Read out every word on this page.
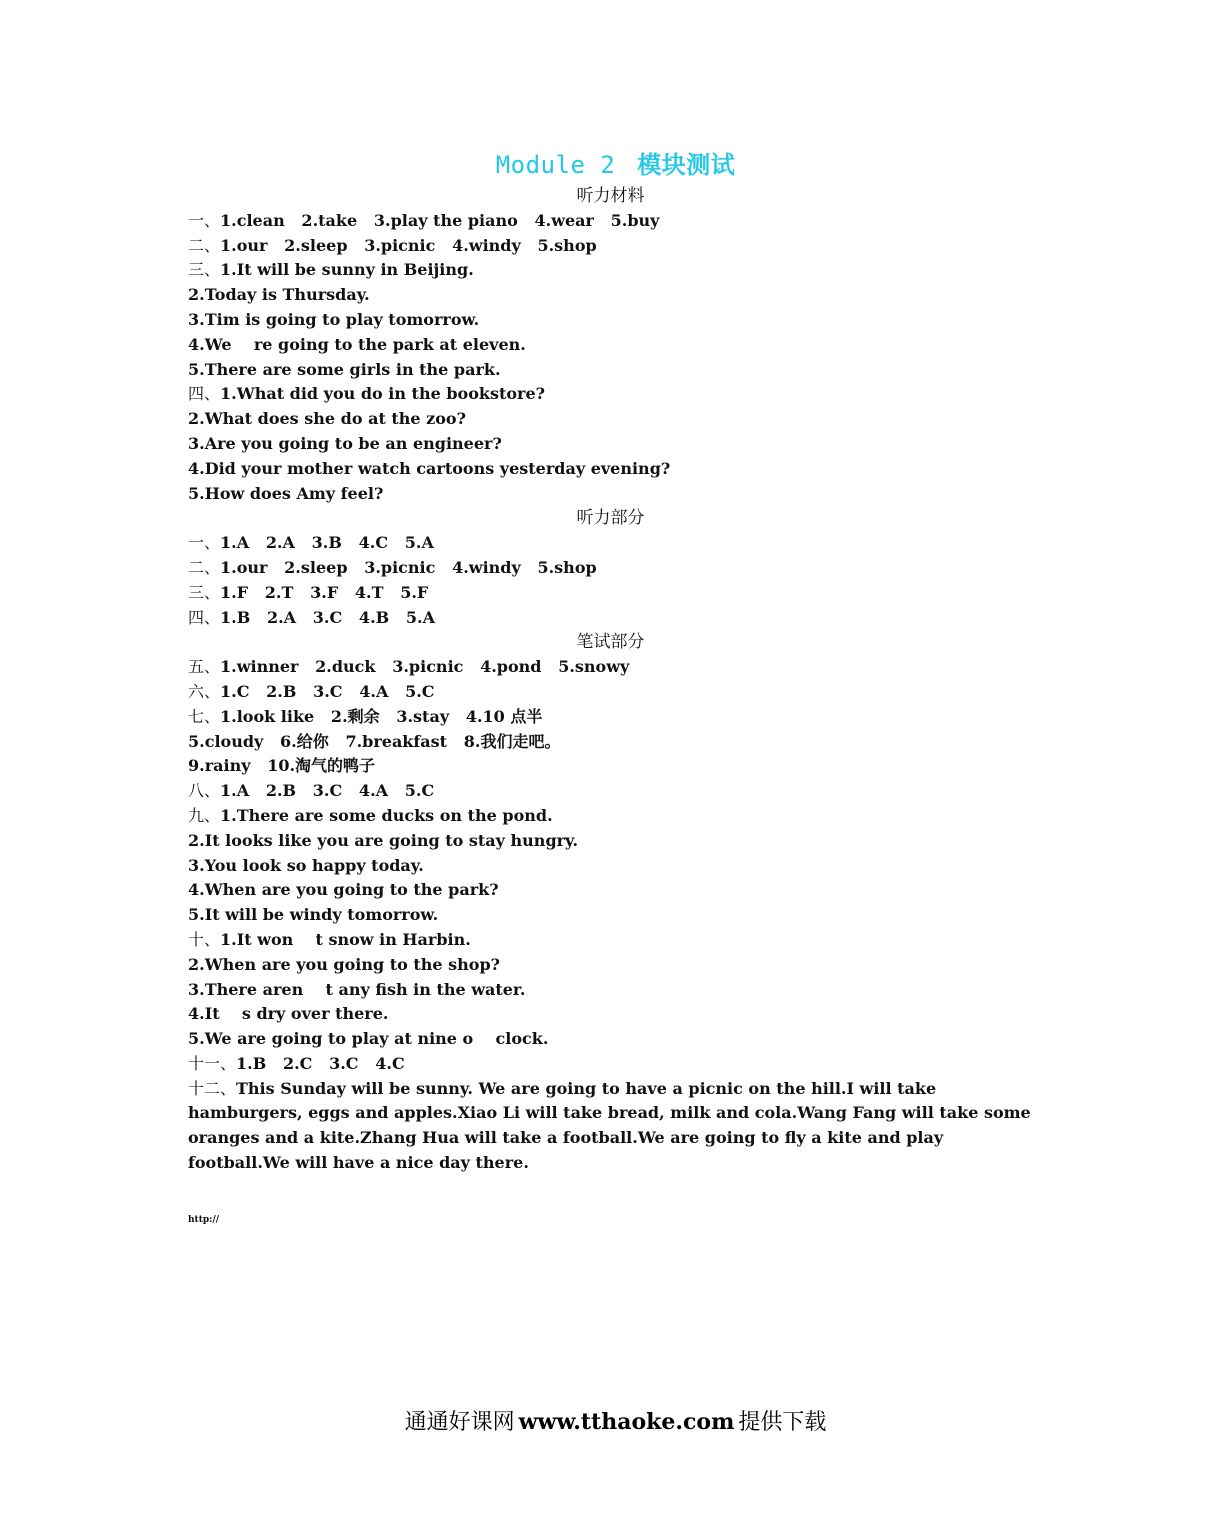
Module 2 模块测试
听力材料
一、1.clean   2.take   3.play the piano   4.wear   5.buy
二、1.our   2.sleep   3.picnic   4.windy   5.shop
三、1.It will be sunny in Beijing.
2.Today is Thursday.
3.Tim is going to play tomorrow.
4.We    re going to the park at eleven.
5.There are some girls in the park.
四、1.What did you do in the bookstore?
2.What does she do at the zoo?
3.Are you going to be an engineer?
4.Did your mother watch cartoons yesterday evening?
5.How does Amy feel?
听力部分
一、1.A   2.A   3.B   4.C   5.A
二、1.our   2.sleep   3.picnic   4.windy   5.shop
三、1.F   2.T   3.F   4.T   5.F
四、1.B   2.A   3.C   4.B   5.A
笔试部分
五、1.winner   2.duck   3.picnic   4.pond   5.snowy
六、1.C   2.B   3.C   4.A   5.C
七、1.look like   2.剩余   3.stay   4.10 点半
5.cloudy   6.给你   7.breakfast   8.我们走吧。
9.rainy   10.淘气的鸭子
八、1.A   2.B   3.C   4.A   5.C
九、1.There are some ducks on the pond.
2.It looks like you are going to stay hungry.
3.You look so happy today.
4.When are you going to the park?
5.It will be windy tomorrow.
十、1.It won    t snow in Harbin.
2.When are you going to the shop?
3.There aren    t any fish in the water.
4.It    s dry over there.
5.We are going to play at nine o    clock.
十一、1.B   2.C   3.C   4.C
十二、This Sunday will be sunny. We are going to have a picnic on the hill.I will take hamburgers, eggs and apples.Xiao Li will take bread, milk and cola.Wang Fang will take some oranges and a kite.Zhang Hua will take a football.We are going to fly a kite and play football.We will have a nice day there.
http://
通通好课网 www.tthaoke.com 提供下载
